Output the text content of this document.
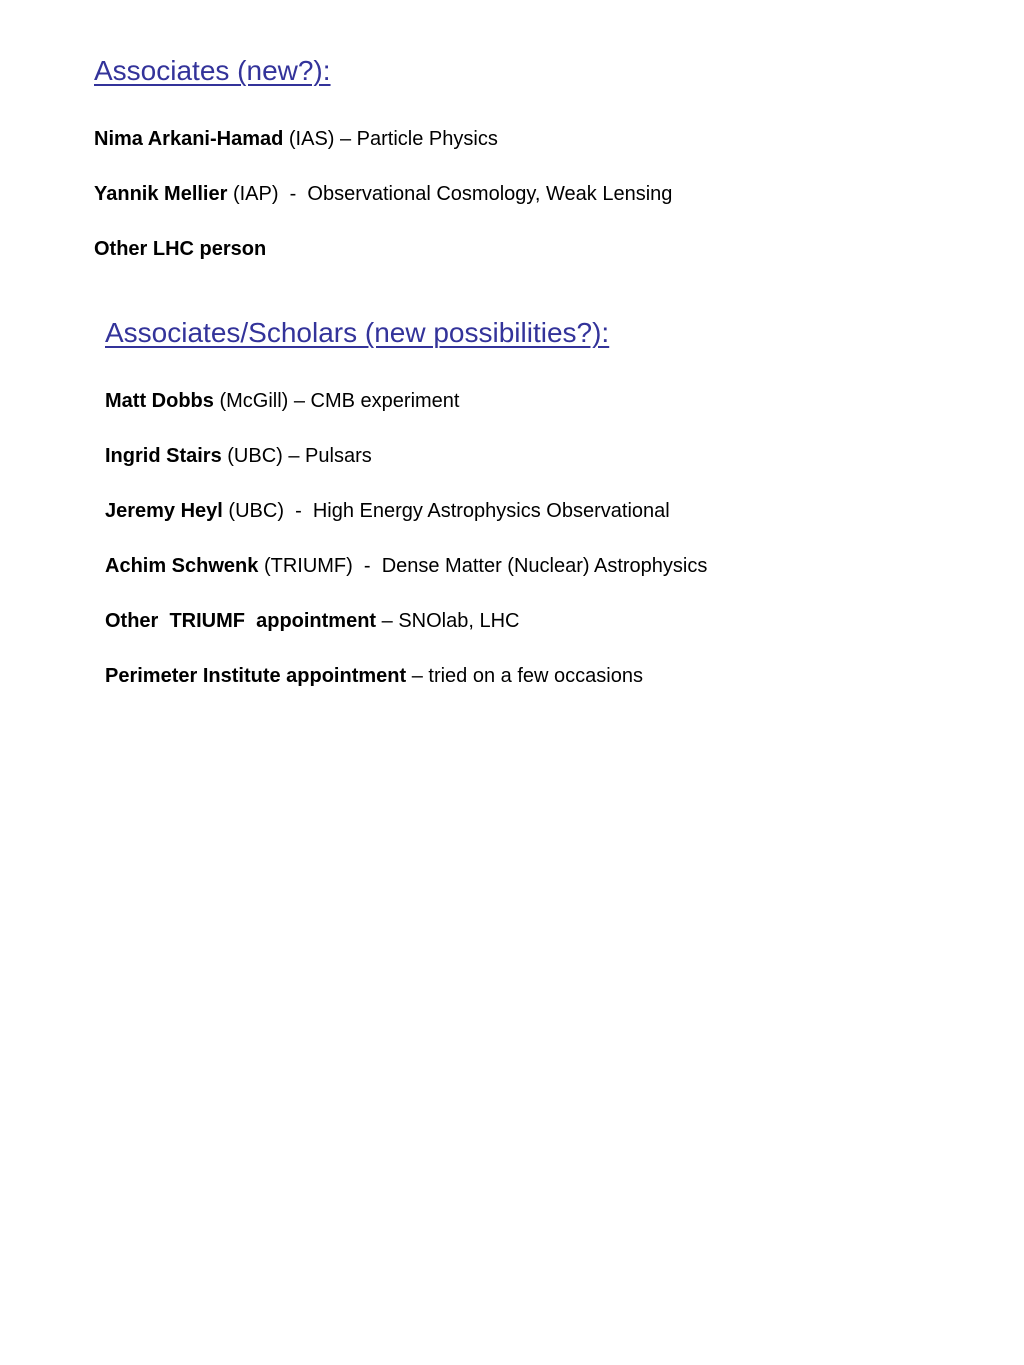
Associates (new?):
Nima Arkani-Hamad (IAS) – Particle Physics
Yannik Mellier (IAP)  -  Observational Cosmology, Weak Lensing
Other LHC person
Associates/Scholars (new possibilities?):
Matt Dobbs (McGill) – CMB experiment
Ingrid Stairs (UBC) – Pulsars
Jeremy Heyl (UBC)  -  High Energy Astrophysics Observational
Achim Schwenk (TRIUMF)  -  Dense Matter (Nuclear) Astrophysics
Other  TRIUMF  appointment – SNOlab, LHC
Perimeter Institute appointment – tried on a few occasions
